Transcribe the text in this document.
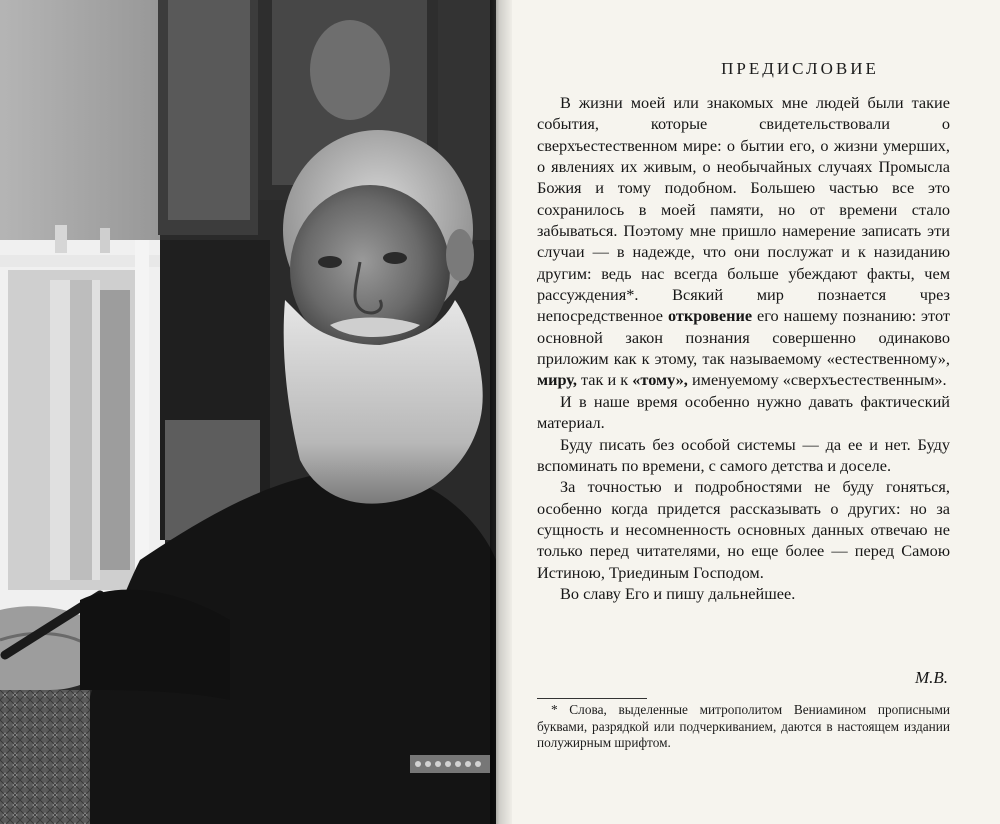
ПРЕДИСЛОВИЕ

В жизни моей или знакомых мне людей были такие события, которые свидетельствовали о сверхъестественном мире: о бытии его, о жизни умерших, о явлениях их живым, о необычайных случаях Промысла Божия и тому подобном. Большею частью все это сохранилось в моей памяти, но от времени стало забываться. Поэтому мне пришло намерение записать эти случаи — в надежде, что они послужат и к назиданию другим: ведь нас всегда больше убеждают факты, чем рассуждения*. Всякий мир познается чрез непосредственное откровение его нашему познанию: этот основной закон познания совершенно одинаково приложим как к этому, так называемому «естественному», миру, так и к «тому», именуемому «сверхъестественным».

И в наше время особенно нужно давать фактический материал.

Буду писать без особой системы — да ее и нет. Буду вспоминать по времени, с самого детства и доселе.

За точностью и подробностями не буду гоняться, особенно когда придется рассказывать о других: но за сущность и несомненность основных данных отвечаю не только перед читателями, но еще более — перед Самою Истиною, Триединым Господом.

Во славу Его и пишу дальнейшее.

М.В.

* Слова, выделенные митрополитом Вениамином прописными буквами, разрядкой или подчеркиванием, даются в настоящем издании полужирным шрифтом.
